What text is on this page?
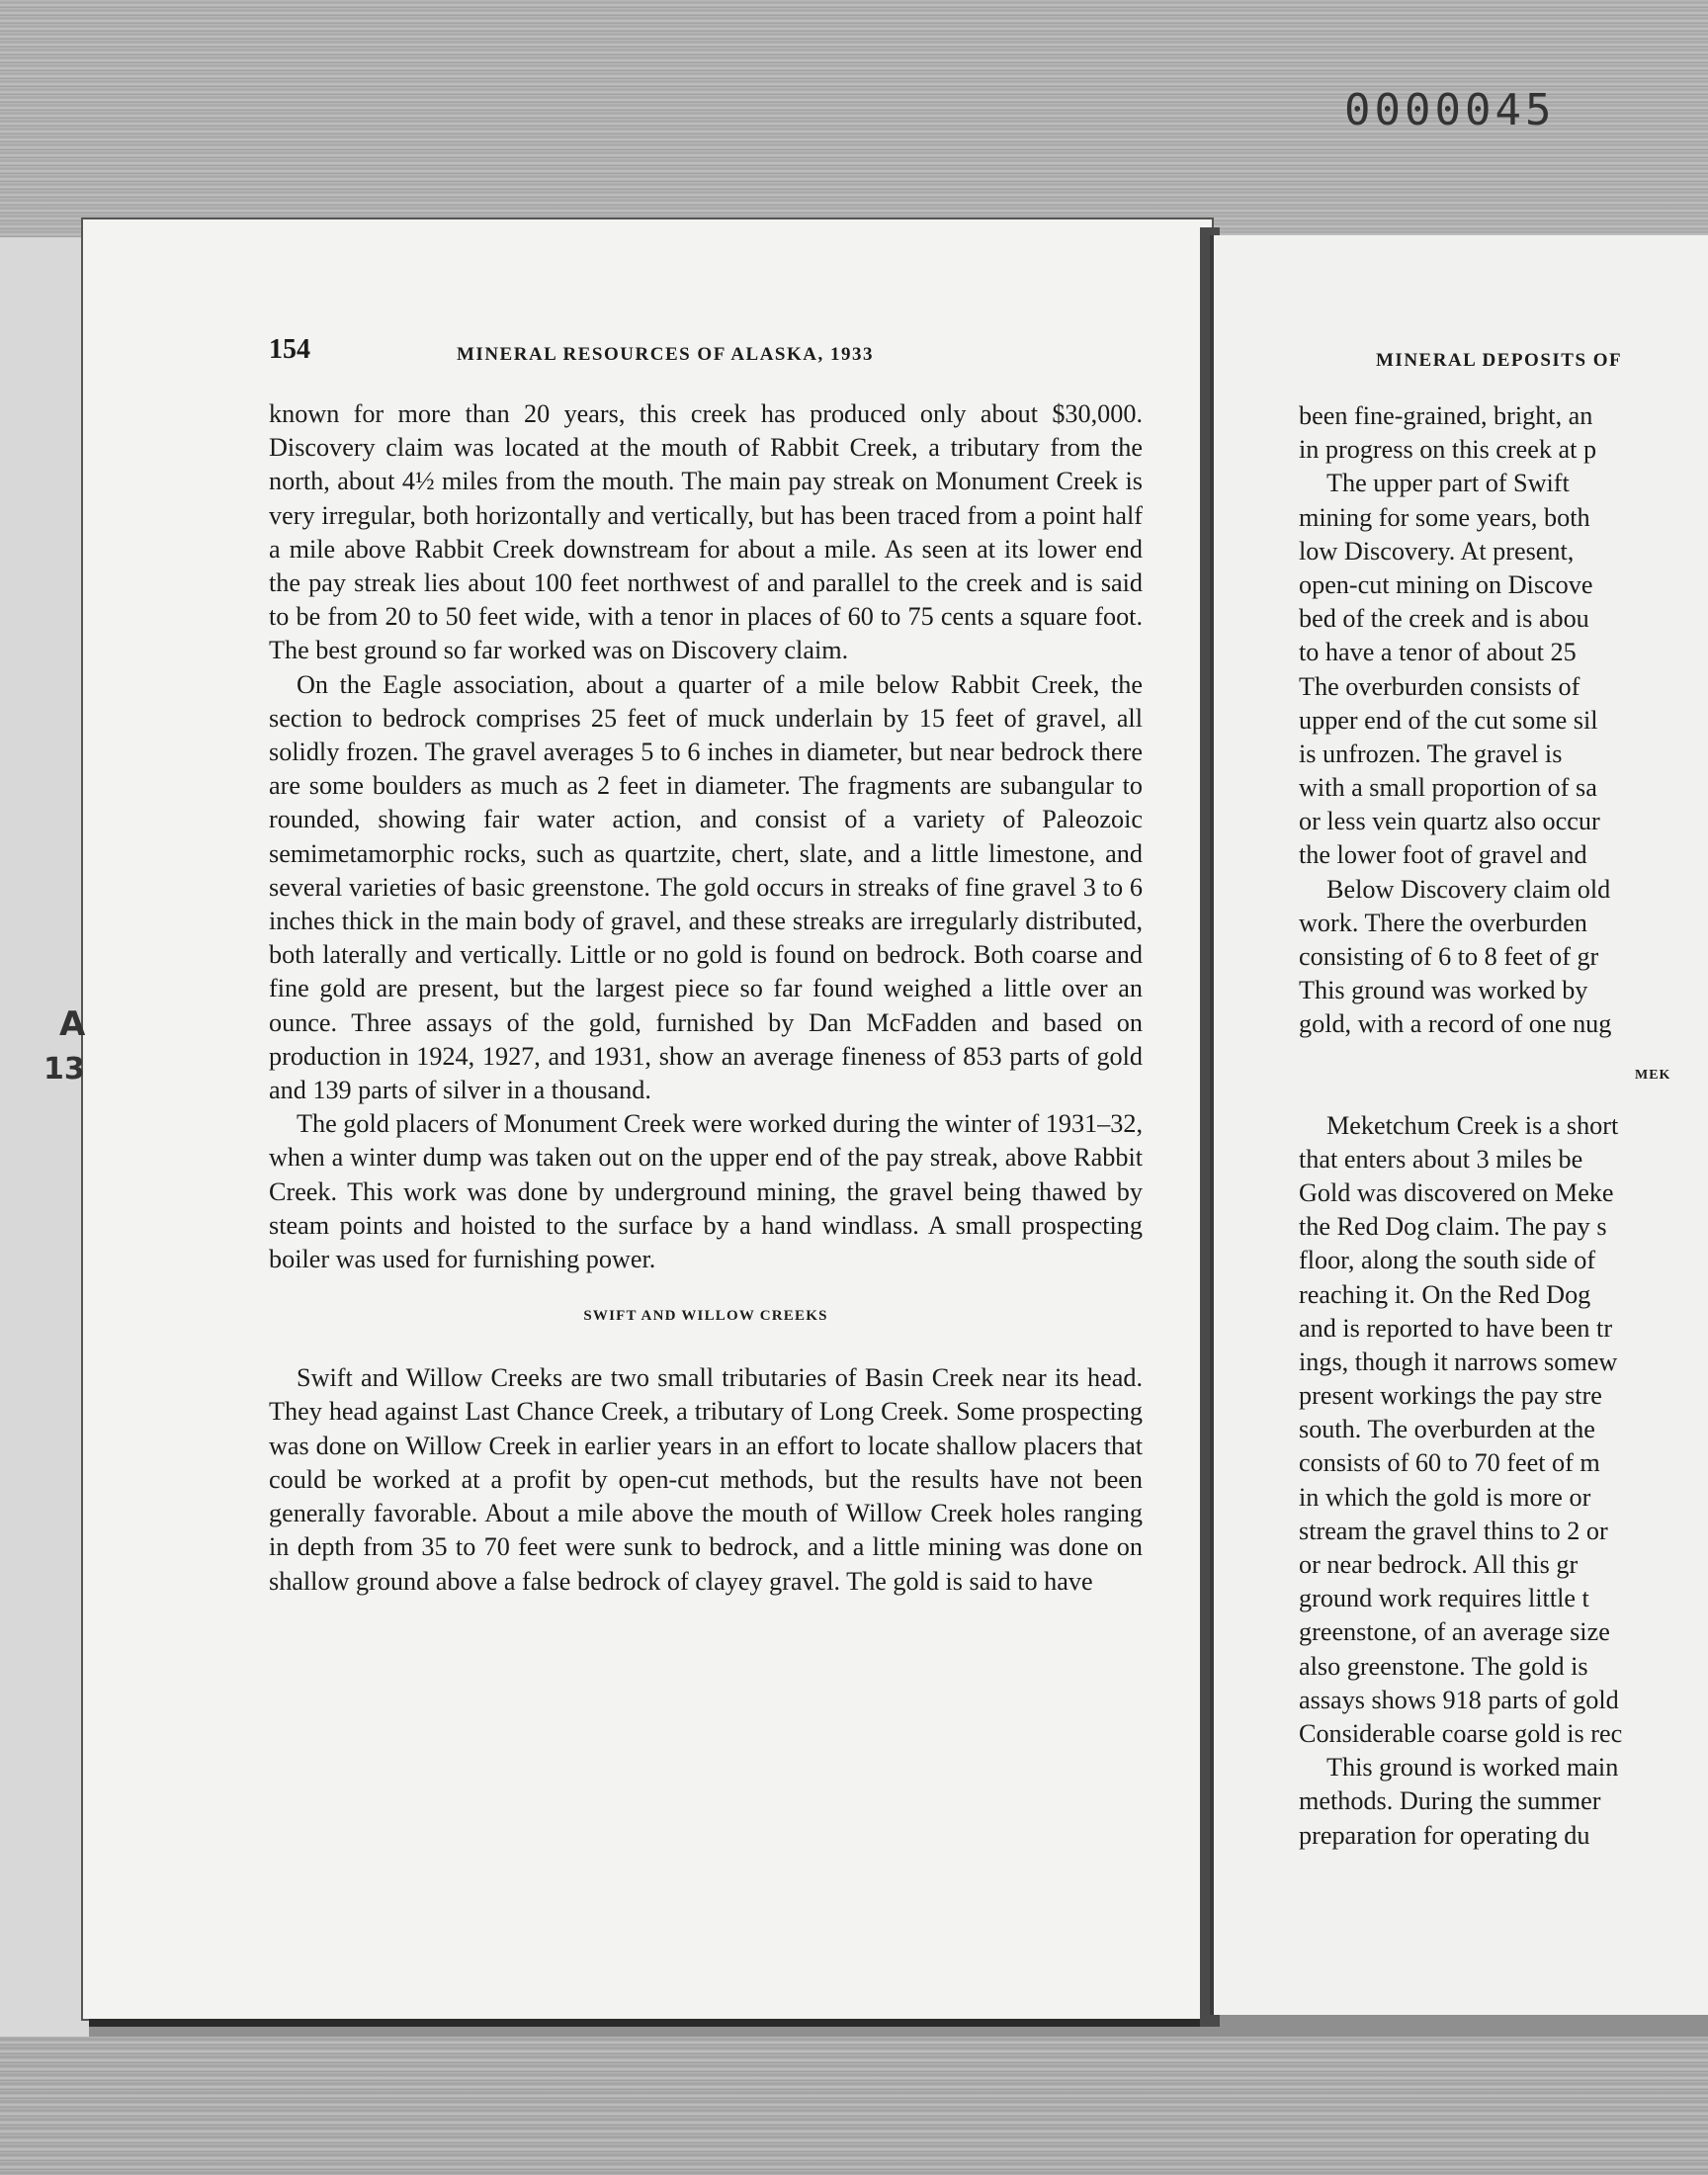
0000045
A
13
154	MINERAL RESOURCES OF ALASKA, 1933

known for more than 20 years, this creek has produced only about $30,000. Discovery claim was located at the mouth of Rabbit Creek, a tributary from the north, about 4½ miles from the mouth. The main pay streak on Monument Creek is very irregular, both horizontally and vertically, but has been traced from a point half a mile above Rabbit Creek downstream for about a mile. As seen at its lower end the pay streak lies about 100 feet northwest of and parallel to the creek and is said to be from 20 to 50 feet wide, with a tenor in places of 60 to 75 cents a square foot. The best ground so far worked was on Discovery claim.

On the Eagle association, about a quarter of a mile below Rabbit Creek, the section to bedrock comprises 25 feet of muck underlain by 15 feet of gravel, all solidly frozen. The gravel averages 5 to 6 inches in diameter, but near bedrock there are some boulders as much as 2 feet in diameter. The fragments are subangular to rounded, showing fair water action, and consist of a variety of Paleozoic semimetamorphic rocks, such as quartzite, chert, slate, and a little limestone, and several varieties of basic greenstone. The gold occurs in streaks of fine gravel 3 to 6 inches thick in the main body of gravel, and these streaks are irregularly distributed, both laterally and vertically. Little or no gold is found on bedrock. Both coarse and fine gold are present, but the largest piece so far found weighed a little over an ounce. Three assays of the gold, furnished by Dan McFadden and based on production in 1924, 1927, and 1931, show an average fineness of 853 parts of gold and 139 parts of silver in a thousand.

The gold placers of Monument Creek were worked during the winter of 1931–32, when a winter dump was taken out on the upper end of the pay streak, above Rabbit Creek. This work was done by underground mining, the gravel being thawed by steam points and hoisted to the surface by a hand windlass. A small prospecting boiler was used for furnishing power.

SWIFT AND WILLOW CREEKS

Swift and Willow Creeks are two small tributaries of Basin Creek near its head. They head against Last Chance Creek, a tributary of Long Creek. Some prospecting was done on Willow Creek in earlier years in an effort to locate shallow placers that could be worked at a profit by open-cut methods, but the results have not been generally favorable. About a mile above the mouth of Willow Creek holes ranging in depth from 35 to 70 feet were sunk to bedrock, and a little mining was done on shallow ground above a false bedrock of clayey gravel. The gold is said to have

MINERAL DEPOSITS OF
been fine-grained, bright, an
in progress on this creek at p
The upper part of Swift
mining for some years, both
low Discovery. At present,
open-cut mining on Discove
bed of the creek and is abou
to have a tenor of about 25
The overburden consists of
upper end of the cut some sil
is unfrozen. The gravel is
with a small proportion of sa
or less vein quartz also occur
the lower foot of gravel and
Below Discovery claim old
work. There the overburden
consisting of 6 to 8 feet of gr
This ground was worked by
gold, with a record of one nug
MEK
Meketchum Creek is a short
that enters about 3 miles be
Gold was discovered on Meke
the Red Dog claim. The pay s
floor, along the south side of
reaching it. On the Red Dog
and is reported to have been tr
ings, though it narrows somew
present workings the pay stre
south. The overburden at the
consists of 60 to 70 feet of m
in which the gold is more or
stream the gravel thins to 2 or
or near bedrock. All this gr
ground work requires little t
greenstone, of an average size
also greenstone. The gold is
assays shows 918 parts of gold
Considerable coarse gold is rec
This ground is worked main
methods. During the summer
preparation for operating du
